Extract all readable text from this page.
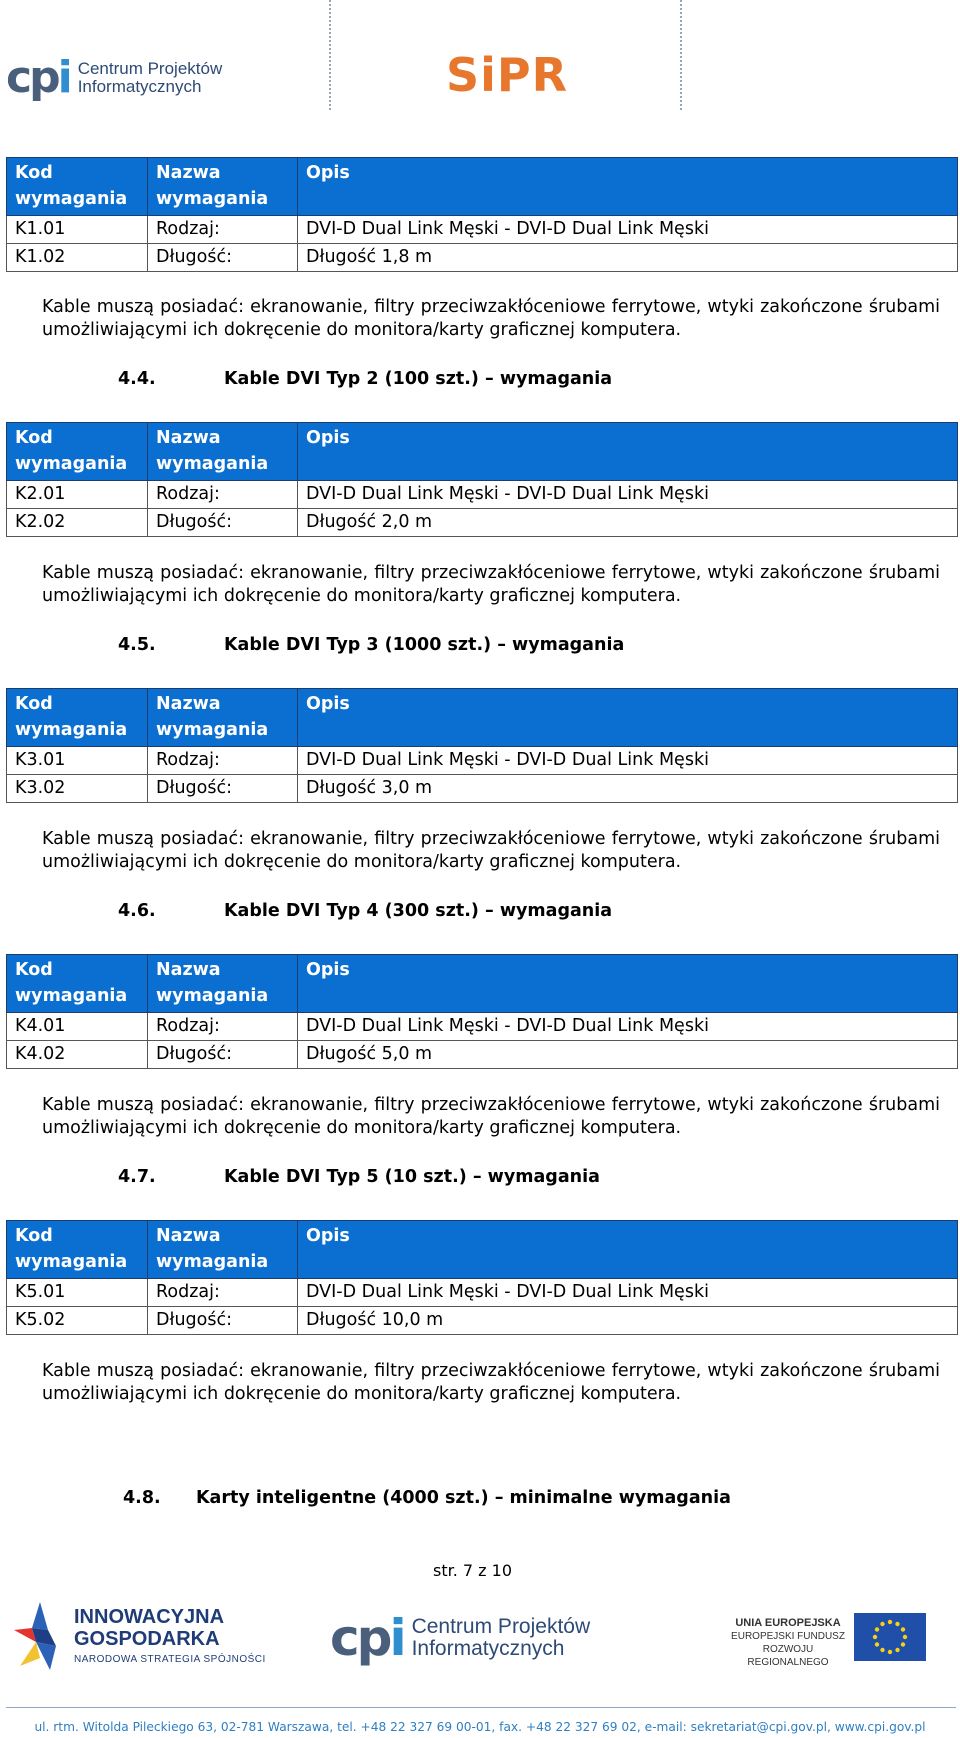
cpi Centrum Projektów
Informatycznych	SiPR
Kod wymagania	Nazwa wymagania	Opis
K1.01	Rodzaj:	DVI-D Dual Link Męski - DVI-D Dual Link Męski
K1.02	Długość:	Długość 1,8 m
Kable muszą posiadać: ekranowanie, filtry przeciwzakłóceniowe ferrytowe, wtyki zakończone śrubami umożliwiającymi ich dokręcenie do monitora/karty graficznej komputera.
4.4.	Kable DVI Typ 2 (100 szt.) – wymagania
Kod wymagania	Nazwa wymagania	Opis
K2.01	Rodzaj:	DVI-D Dual Link Męski - DVI-D Dual Link Męski
K2.02	Długość:	Długość 2,0 m
Kable muszą posiadać: ekranowanie, filtry przeciwzakłóceniowe ferrytowe, wtyki zakończone śrubami umożliwiającymi ich dokręcenie do monitora/karty graficznej komputera.
4.5.	Kable DVI Typ 3 (1000 szt.) – wymagania
Kod wymagania	Nazwa wymagania	Opis
K3.01	Rodzaj:	DVI-D Dual Link Męski - DVI-D Dual Link Męski
K3.02	Długość:	Długość 3,0 m
Kable muszą posiadać: ekranowanie, filtry przeciwzakłóceniowe ferrytowe, wtyki zakończone śrubami umożliwiającymi ich dokręcenie do monitora/karty graficznej komputera.
4.6.	Kable DVI Typ 4 (300 szt.) – wymagania
Kod wymagania	Nazwa wymagania	Opis
K4.01	Rodzaj:	DVI-D Dual Link Męski - DVI-D Dual Link Męski
K4.02	Długość:	Długość 5,0 m
Kable muszą posiadać: ekranowanie, filtry przeciwzakłóceniowe ferrytowe, wtyki zakończone śrubami umożliwiającymi ich dokręcenie do monitora/karty graficznej komputera.
4.7.	Kable DVI Typ 5 (10 szt.) – wymagania
Kod wymagania	Nazwa wymagania	Opis
K5.01	Rodzaj:	DVI-D Dual Link Męski - DVI-D Dual Link Męski
K5.02	Długość:	Długość 10,0 m
Kable muszą posiadać: ekranowanie, filtry przeciwzakłóceniowe ferrytowe, wtyki zakończone śrubami umożliwiającymi ich dokręcenie do monitora/karty graficznej komputera.
4.8. Karty inteligentne (4000 szt.) – minimalne wymagania
str. 7 z 10
INNOWACYJNA
GOSPODARKA
NARODOWA STRATEGIA SPÓJNOŚCI cpi Centrum Projektów
Informatycznych
UNIA EUROPEJSKA
EUROPEJSKI FUNDUSZ
ROZWOJU REGIONALNEGO
ul. rtm. Witolda Pileckiego 63, 02-781 Warszawa, tel. +48 22 327 69 00-01, fax. +48 22 327 69 02, e-mail: sekretariat@cpi.gov.pl, www.cpi.gov.pl
